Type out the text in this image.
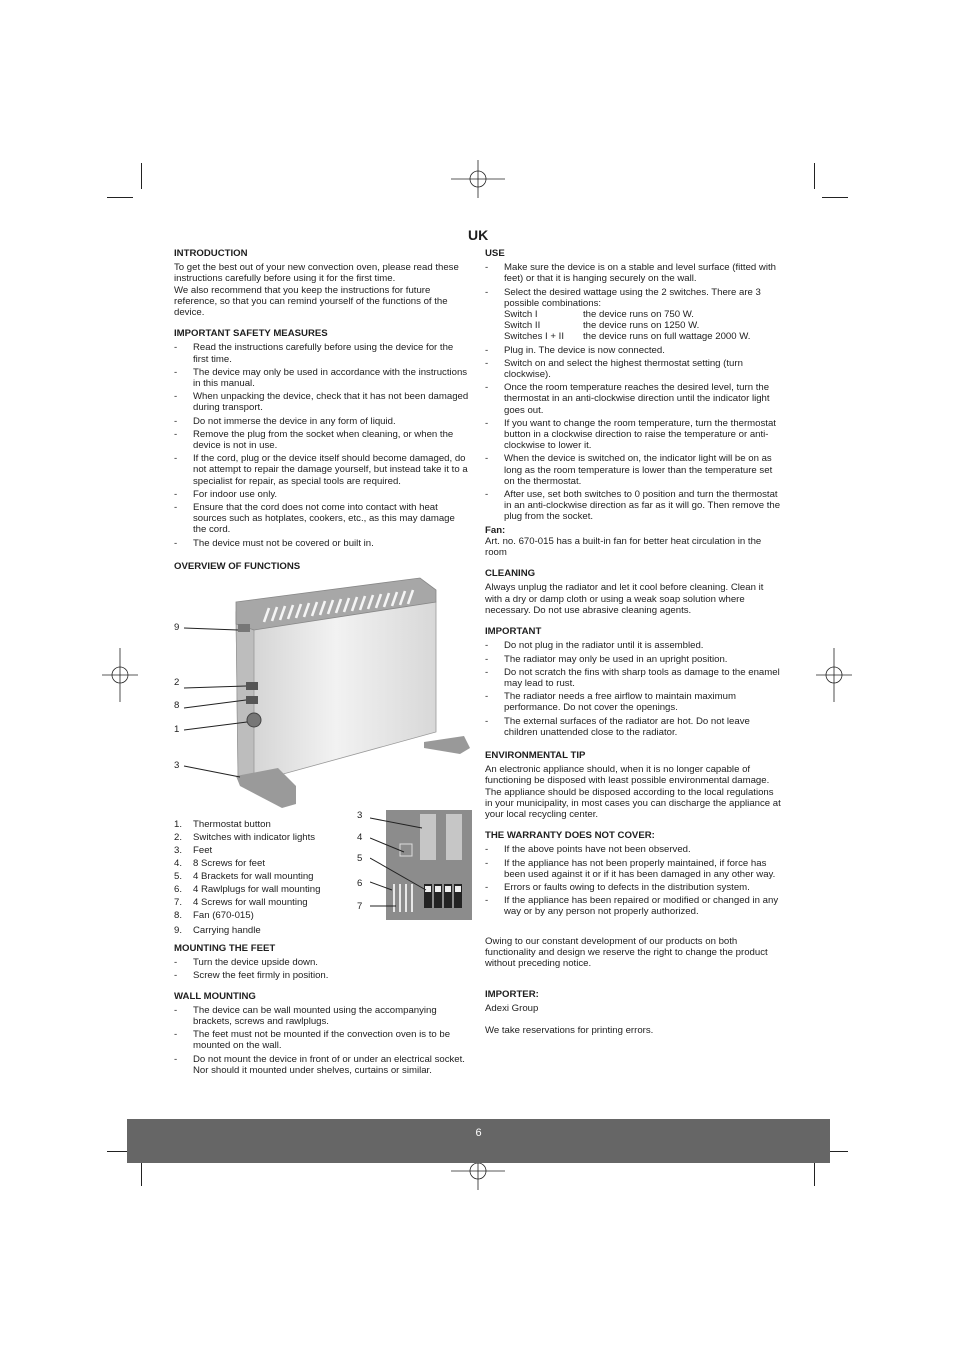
UK
INTRODUCTION

To get the best out of your new convection oven, please read these instructions carefully before using it for the first time.

We also recommend that you keep the instructions for future reference, so that you can remind yourself of the functions of the device.

IMPORTANT SAFETY MEASURES
- Read the instructions carefully before using the device for the first time.
- The device may only be used in accordance with the instructions in this manual.
- When unpacking the device, check that it has not been damaged during transport.
- Do not immerse the device in any form of liquid.
- Remove the plug from the socket when cleaning, or when the device is not in use.
- If the cord, plug or the device itself should become damaged, do not attempt to repair the damage yourself, but instead take it to a specialist for repair, as special tools are required.
- For indoor use only.
- Ensure that the cord does not come into contact with heat sources such as hotplates, cookers, etc., as this may damage the cord.
- The device must not be covered or built in.
OVERVIEW OF FUNCTIONS
9
2
8
1
3
3
4
5
6
7
1.	Thermostat button
2.	Switches with indicator lights
3.	Feet
4.	8 Screws for feet
5.	4 Brackets for wall mounting
6.	4 Rawlplugs for wall mounting
7.	4 Screws for wall mounting
8.	Fan (670-015)
9.	Carrying handle
MOUNTING THE FEET
- Turn the device upside down.
- Screw the feet firmly in position.
WALL MOUNTING
- The device can be wall mounted using the accompanying brackets, screws and rawlplugs.
- The feet must not be mounted if the convection oven is to be mounted on the wall.
- Do not mount the device in front of or under an electrical socket. Nor should it mounted under shelves, curtains or similar.
USE
- Make sure the device is on a stable and level surface (fitted with feet) or that it is hanging securely on the wall.
- Select the desired wattage using the 2 switches. There are 3 possible combinations:
Switch I	the device runs on 750 W.
Switch II	the device runs on 1250 W.
Switches I + II	the device runs on full wattage 2000 W.
- Plug in. The device is now connected.
- Switch on and select the highest thermostat setting (turn clockwise).
- Once the room temperature reaches the desired level, turn the thermostat in an anti-clockwise direction until the indicator light goes out.
- If you want to change the room temperature, turn the thermostat button in a clockwise direction to raise the temperature or anti-clockwise to lower it.
- When the device is switched on, the indicator light will be on as long as the room temperature is lower than the temperature set on the thermostat.
- After use, set both switches to 0 position and turn the thermostat in an anti-clockwise direction as far as it will go. Then remove the plug from the socket.
Fan:

Art. no. 670-015 has a built-in fan for better heat circulation in the room

CLEANING

Always unplug the radiator and let it cool before cleaning. Clean it with a dry or damp cloth or using a weak soap solution where necessary. Do not use abrasive cleaning agents.

IMPORTANT
- Do not plug in the radiator until it is assembled.
- The radiator may only be used in an upright position.
- Do not scratch the fins with sharp tools as damage to the enamel may lead to rust.
- The radiator needs a free airflow to maintain maximum performance. Do not cover the openings.
- The external surfaces of the radiator are hot. Do not leave children unattended close to the radiator.
ENVIRONMENTAL TIP

An electronic appliance should, when it is no longer capable of functioning be disposed with least possible environmental damage. The appliance should be disposed according to the local regulations in your municipality, in most cases you can discharge the appliance at your local recycling center.

THE WARRANTY DOES NOT COVER:
- If the above points have not been observed.
- If the appliance has not been properly maintained, if force has been used against it or if it has been damaged in any other way.
- Errors or faults owing to defects in the distribution system.
- If the appliance has been repaired or modified or changed in any way or by any person not properly authorized.

Owing to our constant development of our products on both functionality and design we reserve the right to change the product without preceding notice.

IMPORTER:

Adexi Group

We take reservations for printing errors.

6
